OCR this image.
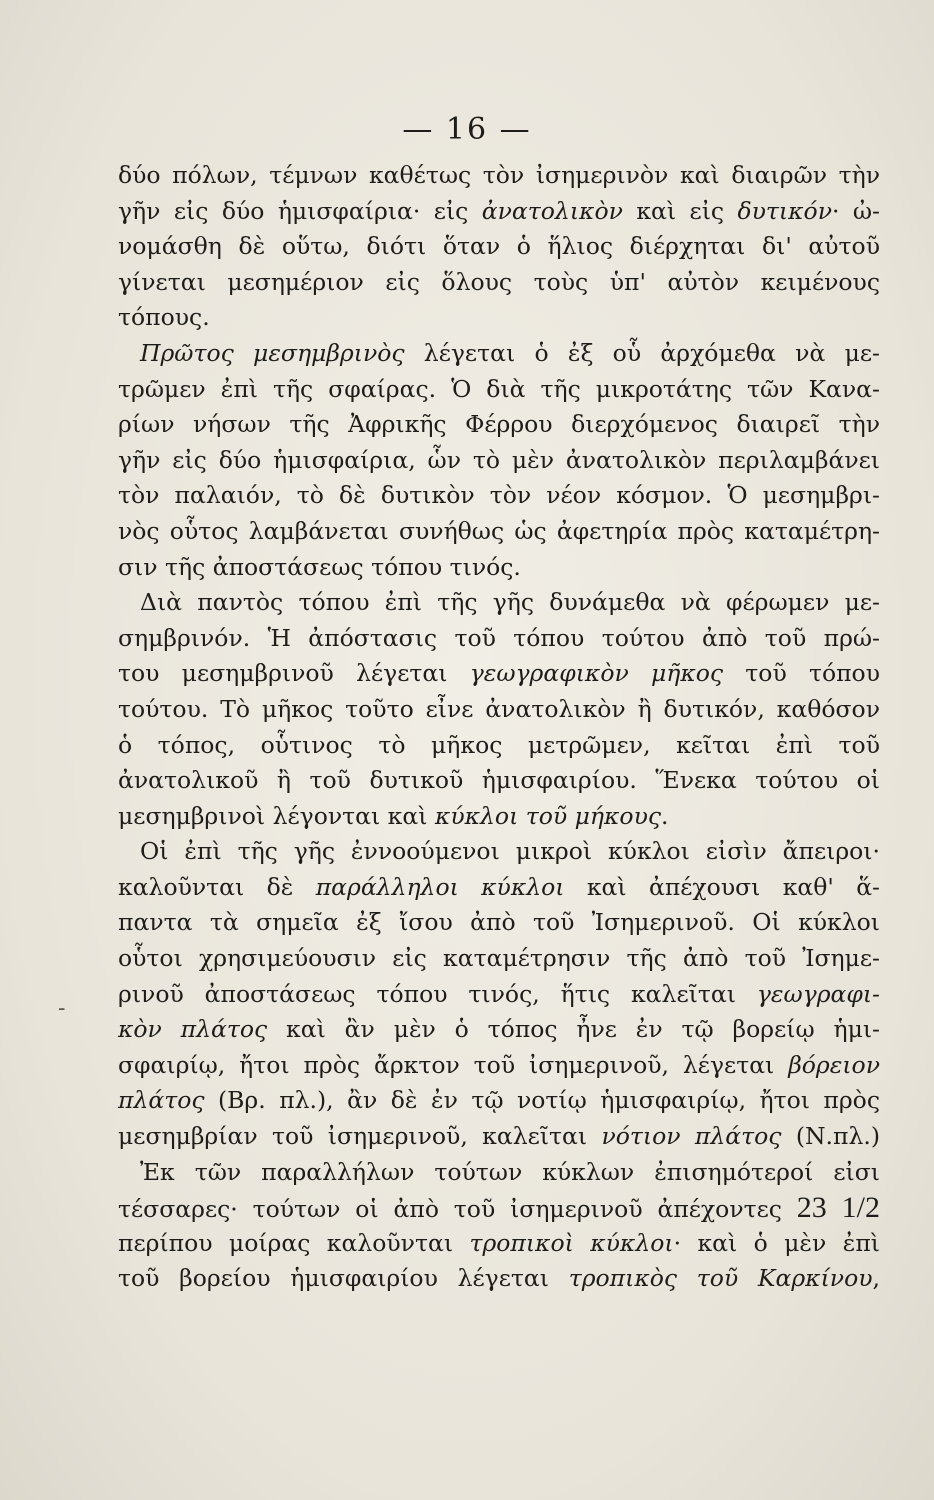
— 16 —
-
δύο πόλων, τέμνων καθέτως τὸν ἰσημερινὸν καὶ διαιρῶν τὴν
γῆν εἰς δύο ἡμισφαίρια· εἰς ἀνατολικὸν καὶ εἰς δυτικόν· ὠ-
νομάσθη δὲ οὕτω, διότι ὅταν ὁ ἥλιος διέρχηται δι' αὐτοῦ
γίνεται μεσημέριον εἰς ὅλους τοὺς ὑπ' αὐτὸν κειμένους
τόπους.
Πρῶτος μεσημβρινὸς λέγεται ὁ ἐξ οὗ ἀρχόμεθα νὰ με-
τρῶμεν ἐπὶ τῆς σφαίρας. Ὁ διὰ τῆς μικροτάτης τῶν Κανα-
ρίων νήσων τῆς Ἀφρικῆς Φέρρου διερχόμενος διαιρεῖ τὴν
γῆν εἰς δύο ἡμισφαίρια, ὧν τὸ μὲν ἀνατολικὸν περιλαμβάνει
τὸν παλαιόν, τὸ δὲ δυτικὸν τὸν νέον κόσμον. Ὁ μεσημβρι-
νὸς οὗτος λαμβάνεται συνήθως ὡς ἀφετηρία πρὸς καταμέτρη-
σιν τῆς ἀποστάσεως τόπου τινός.
Διὰ παντὸς τόπου ἐπὶ τῆς γῆς δυνάμεθα νὰ φέρωμεν με-
σημβρινόν. Ἡ ἀπόστασις τοῦ τόπου τούτου ἀπὸ τοῦ πρώ-
του μεσημβρινοῦ λέγεται γεωγραφικὸν μῆκος τοῦ τόπου
τούτου. Τὸ μῆκος τοῦτο εἶνε ἀνατολικὸν ἢ δυτικόν, καθόσον
ὁ τόπος, οὗτινος τὸ μῆκος μετρῶμεν, κεῖται ἐπὶ τοῦ
ἀνατολικοῦ ἢ τοῦ δυτικοῦ ἡμισφαιρίου. Ἕνεκα τούτου οἱ
μεσημβρινοὶ λέγονται καὶ κύκλοι τοῦ μήκους.
Οἱ ἐπὶ τῆς γῆς ἐννοούμενοι μικροὶ κύκλοι εἰσὶν ἄπειροι·
καλοῦνται δὲ παράλληλοι κύκλοι καὶ ἀπέχουσι καθ' ἅ-
παντα τὰ σημεῖα ἐξ ἴσου ἀπὸ τοῦ Ἰσημερινοῦ. Οἱ κύκλοι
οὗτοι χρησιμεύουσιν εἰς καταμέτρησιν τῆς ἀπὸ τοῦ Ἰσημε-
ρινοῦ ἀποστάσεως τόπου τινός, ἥτις καλεῖται γεωγραφι-
κὸν πλάτος καὶ ἂν μὲν ὁ τόπος ἦνε ἐν τῷ βορείῳ ἡμι-
σφαιρίῳ, ἤτοι πρὸς ἄρκτον τοῦ ἰσημερινοῦ, λέγεται βόρειον
πλάτος (Βρ. πλ.), ἂν δὲ ἐν τῷ νοτίῳ ἡμισφαιρίῳ, ἤτοι πρὸς
μεσημβρίαν τοῦ ἰσημερινοῦ, καλεῖται νότιον πλάτος (Ν.πλ.)
Ἐκ τῶν παραλλήλων τούτων κύκλων ἐπισημότεροί εἰσι
τέσσαρες· τούτων οἱ ἀπὸ τοῦ ἰσημερινοῦ ἀπέχοντες 23 1/2
περίπου μοίρας καλοῦνται τροπικοὶ κύκλοι· καὶ ὁ μὲν ἐπὶ
τοῦ βορείου ἡμισφαιρίου λέγεται τροπικὸς τοῦ Καρκίνου,
